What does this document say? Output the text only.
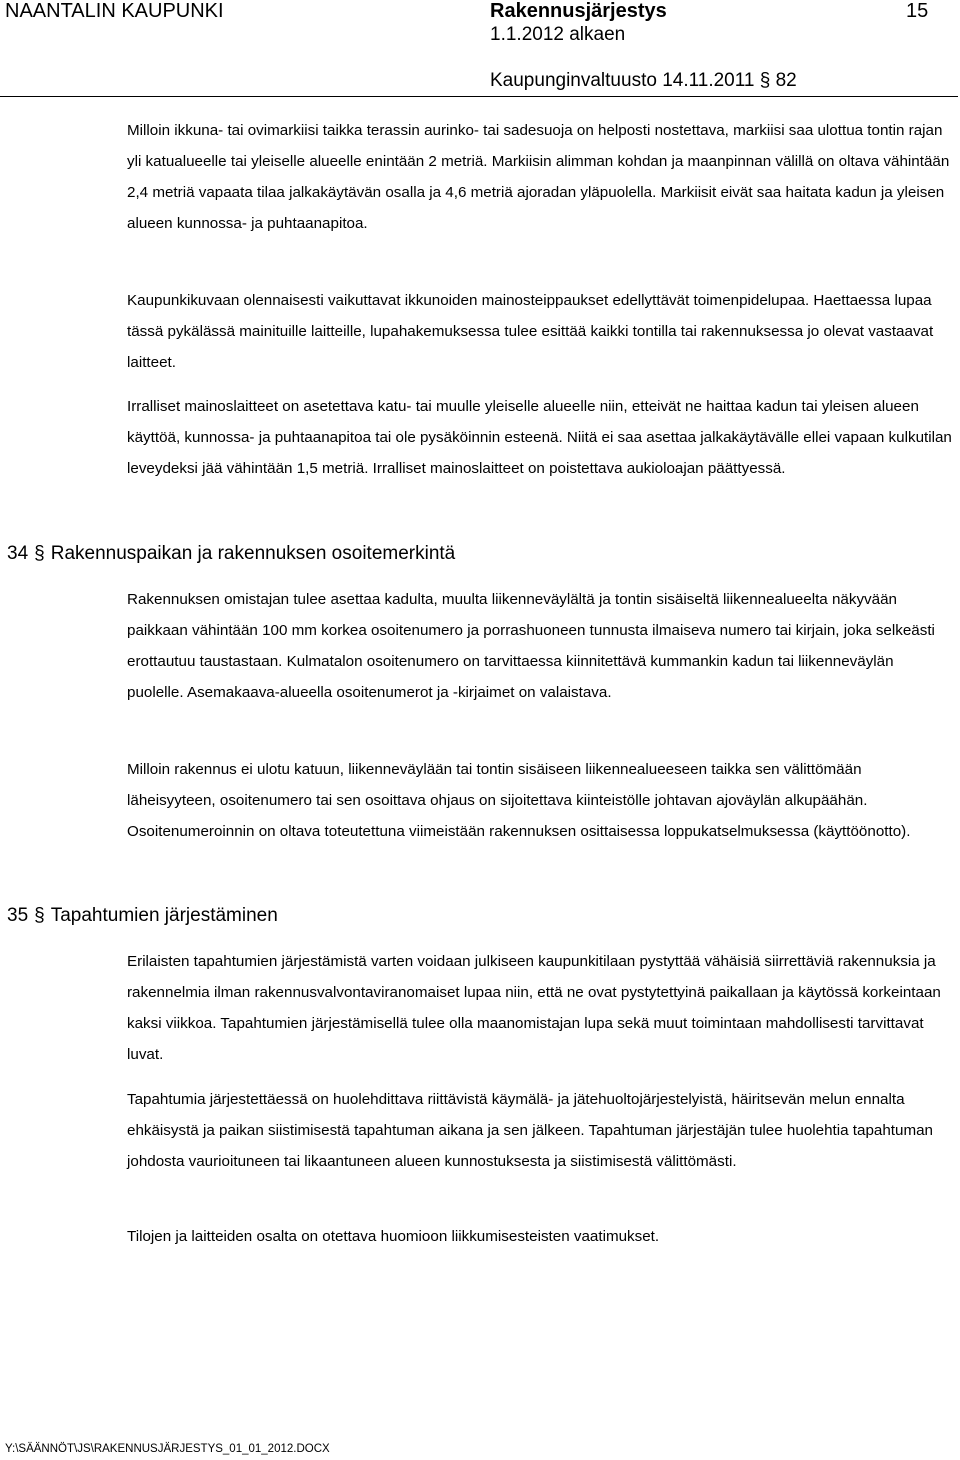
NAANTALIN KAUPUNKI	Rakennusjärjestys	15
1.1.2012 alkaen
Kaupunginvaltuusto 14.11.2011 § 82

Milloin ikkuna- tai ovimarkiisi taikka terassin aurinko- tai sadesuoja on helposti nostettava, markiisi saa ulottua tontin rajan yli katualueelle tai yleiselle alueelle enintään 2 metriä. Markiisin alimman kohdan ja maanpinnan välillä on oltava vähintään 2,4 metriä vapaata tilaa jalkakäytävän osalla ja 4,6 metriä ajoradan yläpuolella. Markiisit eivät saa haitata kadun ja yleisen alueen kunnossa- ja puhtaanapitoa.

Kaupunkikuvaan olennaisesti vaikuttavat ikkunoiden mainosteippaukset edellyttävät toimenpidelupaa. Haettaessa lupaa tässä pykälässä mainituille laitteille, lupahakemuksessa tulee esittää kaikki tontilla tai rakennuksessa jo olevat vastaavat laitteet.

Irralliset mainoslaitteet on asetettava katu- tai muulle yleiselle alueelle niin, etteivät ne haittaa kadun tai yleisen alueen käyttöä, kunnossa- ja puhtaanapitoa tai ole pysäköinnin esteenä. Niitä ei saa asettaa jalkakäytävälle ellei vapaan kulkutilan leveydeksi jää vähintään 1,5 metriä. Irralliset mainoslaitteet on poistettava aukioloajan päättyessä.

34 § Rakennuspaikan ja rakennuksen osoitemerkintä

Rakennuksen omistajan tulee asettaa kadulta, muulta liikenneväylältä ja tontin sisäiseltä liikennealueelta näkyvään paikkaan vähintään 100 mm korkea osoitenumero ja porrashuoneen tunnusta ilmaiseva numero tai kirjain, joka selkeästi erottautuu taustastaan. Kulmatalon osoitenumero on tarvittaessa kiinnitettävä kummankin kadun tai liikenneväylän puolelle. Asemakaava-alueella osoitenumerot ja -kirjaimet on valaistava.

Milloin rakennus ei ulotu katuun, liikenneväylään tai tontin sisäiseen liikennealueeseen taikka sen välittömään läheisyyteen, osoitenumero tai sen osoittava ohjaus on sijoitettava kiinteistölle johtavan ajoväylän alkupäähän. Osoitenumeroinnin on oltava toteutettuna viimeistään rakennuksen osittaisessa loppukatselmuksessa (käyttöönotto).

35 § Tapahtumien järjestäminen

Erilaisten tapahtumien järjestämistä varten voidaan julkiseen kaupunkitilaan pystyttää vähäisiä siirrettäviä rakennuksia ja rakennelmia ilman rakennusvalvontaviranomaiset lupaa niin, että ne ovat pystytettyinä paikallaan ja käytössä korkeintaan kaksi viikkoa. Tapahtumien järjestämisellä tulee olla maanomistajan lupa sekä muut toimintaan mahdollisesti tarvittavat luvat.

Tapahtumia järjestettäessä on huolehdittava riittävistä käymälä- ja jätehuoltojärjestelyistä, häiritsevän melun ennalta ehkäisystä ja paikan siistimisestä tapahtuman aikana ja sen jälkeen. Tapahtuman järjestäjän tulee huolehtia tapahtuman johdosta vaurioituneen tai likaantuneen alueen kunnostuksesta ja siistimisestä välittömästi.

Tilojen ja laitteiden osalta on otettava huomioon liikkumisesteisten vaatimukset.

Y:\SÄÄNNÖT\JS\RAKENNUSJÄRJESTYS_01_01_2012.DOCX
